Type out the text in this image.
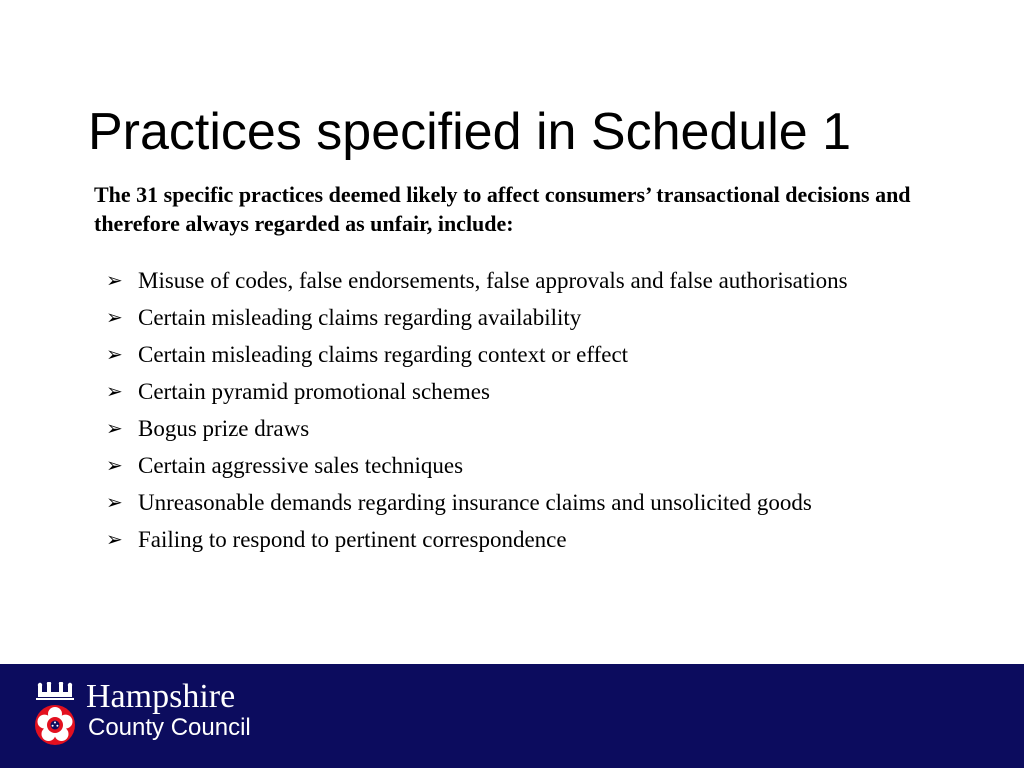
Practices specified in Schedule 1

The 31 specific practices deemed likely to affect consumers’ transactional decisions and therefore always regarded as unfair, include:

➢ Misuse of codes, false endorsements, false approvals and false authorisations
➢ Certain misleading claims regarding availability
➢ Certain misleading claims regarding context or effect
➢ Certain pyramid promotional schemes
➢ Bogus prize draws
➢ Certain aggressive sales techniques
➢ Unreasonable demands regarding insurance claims and unsolicited goods
➢ Failing to respond to pertinent correspondence
Hampshire
County Council
